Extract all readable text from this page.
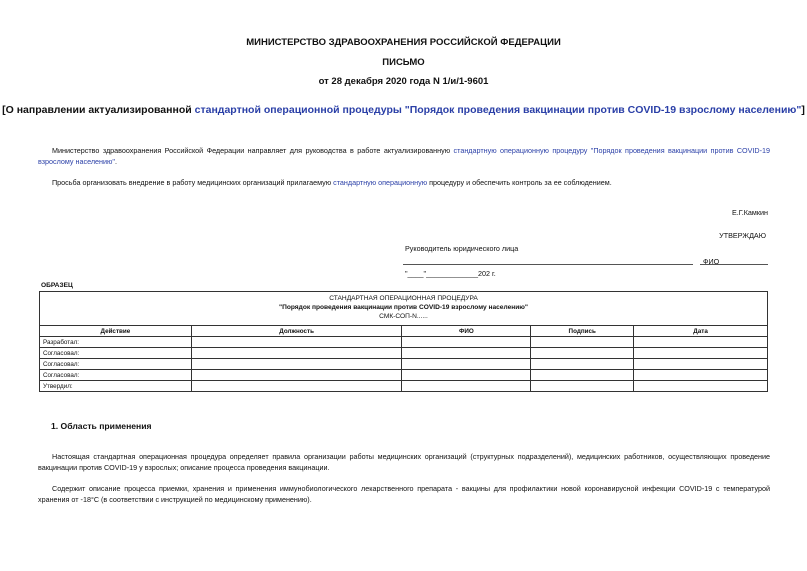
МИНИСТЕРСТВО ЗДРАВООХРАНЕНИЯ РОССИЙСКОЙ ФЕДЕРАЦИИ
ПИСЬМО
от 28 декабря 2020 года N 1/и/1-9601
[О направлении актуализированной стандартной операционной процедуры "Порядок проведения вакцинации против COVID-19 взрослому населению"]
Министерство здравоохранения Российской Федерации направляет для руководства в работе актуализированную стандартную операционную процедуру "Порядок проведения вакцинации против COVID-19 взрослому населению".
Просьба организовать внедрение в работу медицинских организаций прилагаемую стандартную операционную процедуру и обеспечить контроль за ее соблюдением.
Е.Г.Камкин
УТВЕРЖДАЮ
Руководитель юридического лица
ФИО
"____"_____________202 г.
ОБРАЗЕЦ
СТАНДАРТНАЯ ОПЕРАЦИОННАЯ ПРОЦЕДУРА
"Порядок проведения вакцинации против COVID-19 взрослому населению"
СМК-СОП-N......
Действие	Должность	ФИО	Подпись	Дата
Разработал:				
Согласовал:				
Согласовал:				
Согласовал:				
Утвердил:				
1. Область применения
Настоящая стандартная операционная процедура определяет правила организации работы медицинских организаций (структурных подразделений), медицинских работников, осуществляющих проведение вакцинации против COVID-19 у взрослых; описание процесса проведения вакцинации.
Содержит описание процесса приемки, хранения и применения иммунобиологического лекарственного препарата - вакцины для профилактики новой коронавирусной инфекции COVID-19 с температурой хранения от -18°С (в соответствии с инструкцией по медицинскому применению).
